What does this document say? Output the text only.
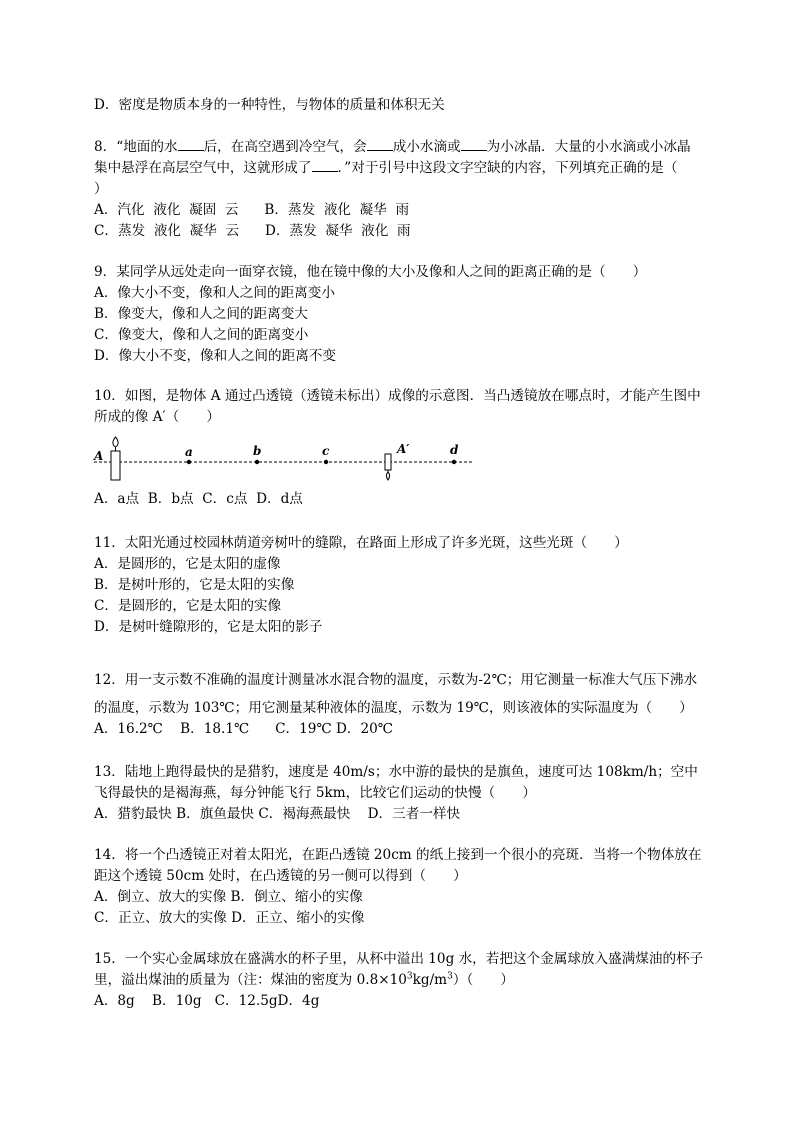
D．密度是物质本身的一种特性，与物体的质量和体积无关
8．“地面的水 后，在高空遇到冷空气，会 成小水滴或 为小冰晶．大量的小水滴或小冰晶集中悬浮在高层空气中，这就形成了 ．”对于引号中这段文字空缺的内容，下列填充正确的是（　　）
A．汽化  液化  凝固  云      B．蒸发  液化  凝华  雨
C．蒸发  液化  凝华  云      D．蒸发  凝华  液化  雨
9．某同学从远处走向一面穿衣镜，他在镜中像的大小及像和人之间的距离正确的是（　　）
A．像大小不变，像和人之间的距离变小
B．像变大，像和人之间的距离变大
C．像变大，像和人之间的距离变小
D．像大小不变，像和人之间的距离不变
10．如图，是物体 A 通过凸透镜（透镜未标出）成像的示意图．当凸透镜放在哪点时，才能产生图中所成的像 A′（　　）
A	a	b	c	A′	d
A．a点  B．b点  C．c点  D．d点
11．太阳光通过校园林荫道旁树叶的缝隙，在路面上形成了许多光斑，这些光斑（　　）
A．是圆形的，它是太阳的虚像
B．是树叶形的，它是太阳的实像
C．是圆形的，它是太阳的实像
D．是树叶缝隙形的，它是太阳的影子
12．用一支示数不准确的温度计测量冰水混合物的温度，示数为-2℃；用它测量一标准大气压下沸水
的温度，示数为 103℃；用它测量某种液体的温度，示数为 19℃，则该液体的实际温度为（　　）
A．16.2℃    B．18.1℃      C．19℃ D．20℃
13．陆地上跑得最快的是猎豹，速度是 40m/s；水中游的最快的是旗鱼，速度可达 108km/h；空中飞得最快的是褐海燕，每分钟能飞行 5km，比较它们运动的快慢（　　）
A．猎豹最快 B．旗鱼最快 C．褐海燕最快    D．三者一样快
14．将一个凸透镜正对着太阳光，在距凸透镜 20cm 的纸上接到一个很小的亮斑．当将一个物体放在距这个透镜 50cm 处时，在凸透镜的另一侧可以得到（　　）
A．倒立、放大的实像 B．倒立、缩小的实像
C．正立、放大的实像 D．正立、缩小的实像
15．一个实心金属球放在盛满水的杯子里，从杯中溢出 10g 水，若把这个金属球放入盛满煤油的杯子里，溢出煤油的质量为（注：煤油的密度为 $0.8\times 10^3kg/m^3$）（　　）
A．8g    B．10g   C．12.5gD．4g
